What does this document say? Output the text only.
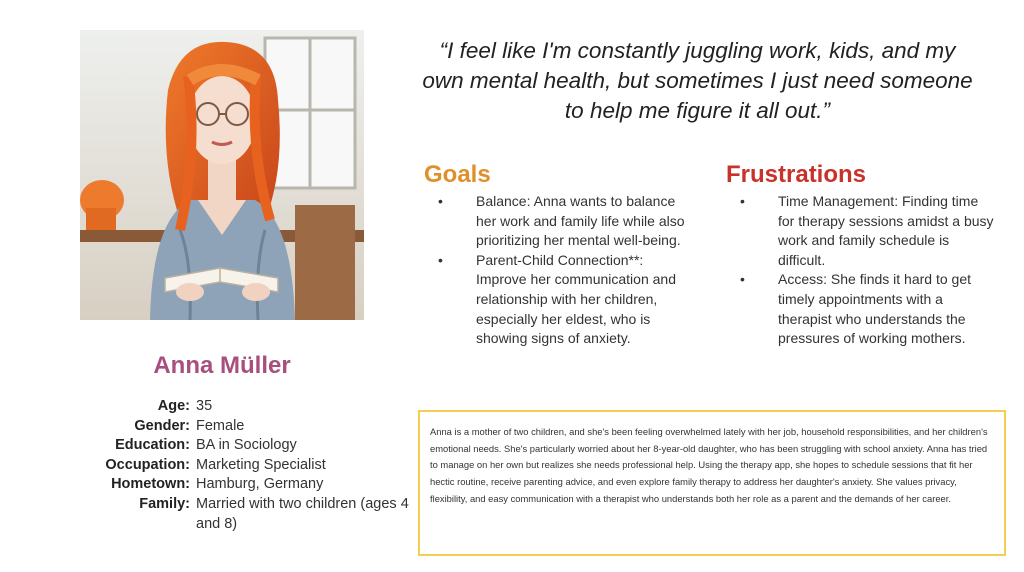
Anna Müller
Age: 35
Gender: Female
Education: BA in Sociology
Occupation: Marketing Specialist
Hometown: Hamburg, Germany
Family: Married with two children (ages 4 and 8)
“I feel like I'm constantly juggling work, kids, and my own mental health, but sometimes I just need someone to help me figure it all out.”
Goals
• Balance: Anna wants to balance her work and family life while also prioritizing her mental well-being.
• Parent-Child Connection**: Improve her communication and relationship with her children, especially her eldest, who is showing signs of anxiety.
Frustrations
• Time Management: Finding time for therapy sessions amidst a busy work and family schedule is difficult.
• Access: She finds it hard to get timely appointments with a therapist who understands the pressures of working mothers.
Anna is a mother of two children, and she's been feeling overwhelmed lately with her job, household responsibilities, and her children's emotional needs. She's particularly worried about her 8-year-old daughter, who has been struggling with school anxiety. Anna has tried to manage on her own but realizes she needs professional help. Using the therapy app, she hopes to schedule sessions that fit her hectic routine, receive parenting advice, and even explore family therapy to address her daughter's anxiety. She values privacy, flexibility, and easy communication with a therapist who understands both her role as a parent and the demands of her career.
